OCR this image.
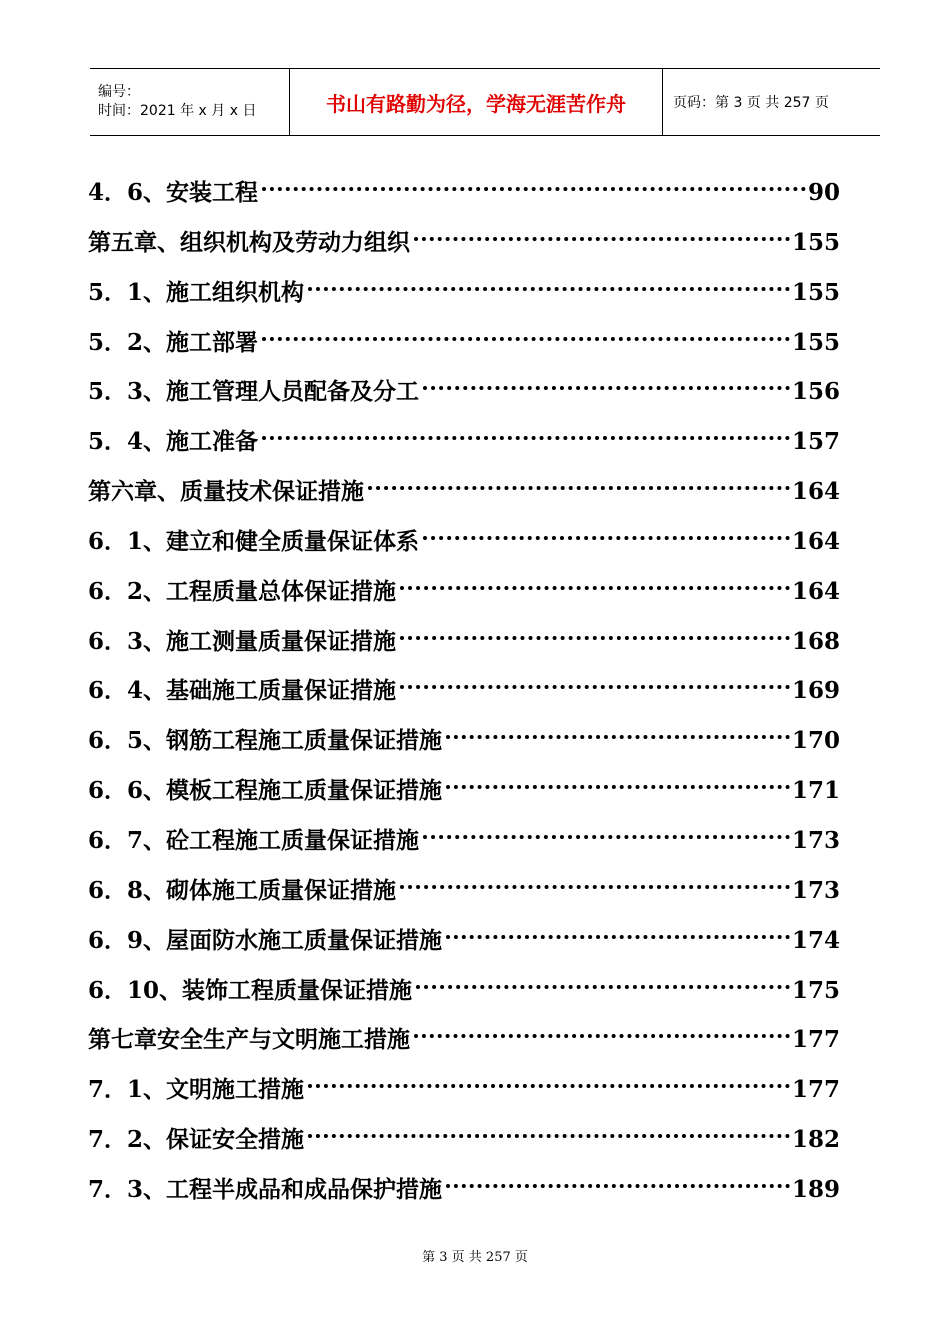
编号：
时间：2021 年 x 月 x 日	书山有路勤为径，学海无涯苦作舟	页码：第 3 页 共 257 页
4．6、安装工程	90
第五章、组织机构及劳动力组织	155
5．1、施工组织机构	155
5．2、施工部署	155
5．3、施工管理人员配备及分工	156
5．4、施工准备	157
第六章、质量技术保证措施	164
6．1、建立和健全质量保证体系	164
6．2、工程质量总体保证措施	164
6．3、施工测量质量保证措施	168
6．4、基础施工质量保证措施	169
6．5、钢筋工程施工质量保证措施	170
6．6、模板工程施工质量保证措施	171
6．7、砼工程施工质量保证措施	173
6．8、砌体施工质量保证措施	173
6．9、屋面防水施工质量保证措施	174
6．10、装饰工程质量保证措施	175
第七章安全生产与文明施工措施	177
7．1、文明施工措施	177
7．2、保证安全措施	182
7．3、工程半成品和成品保护措施	189
第 3 页 共 257 页
